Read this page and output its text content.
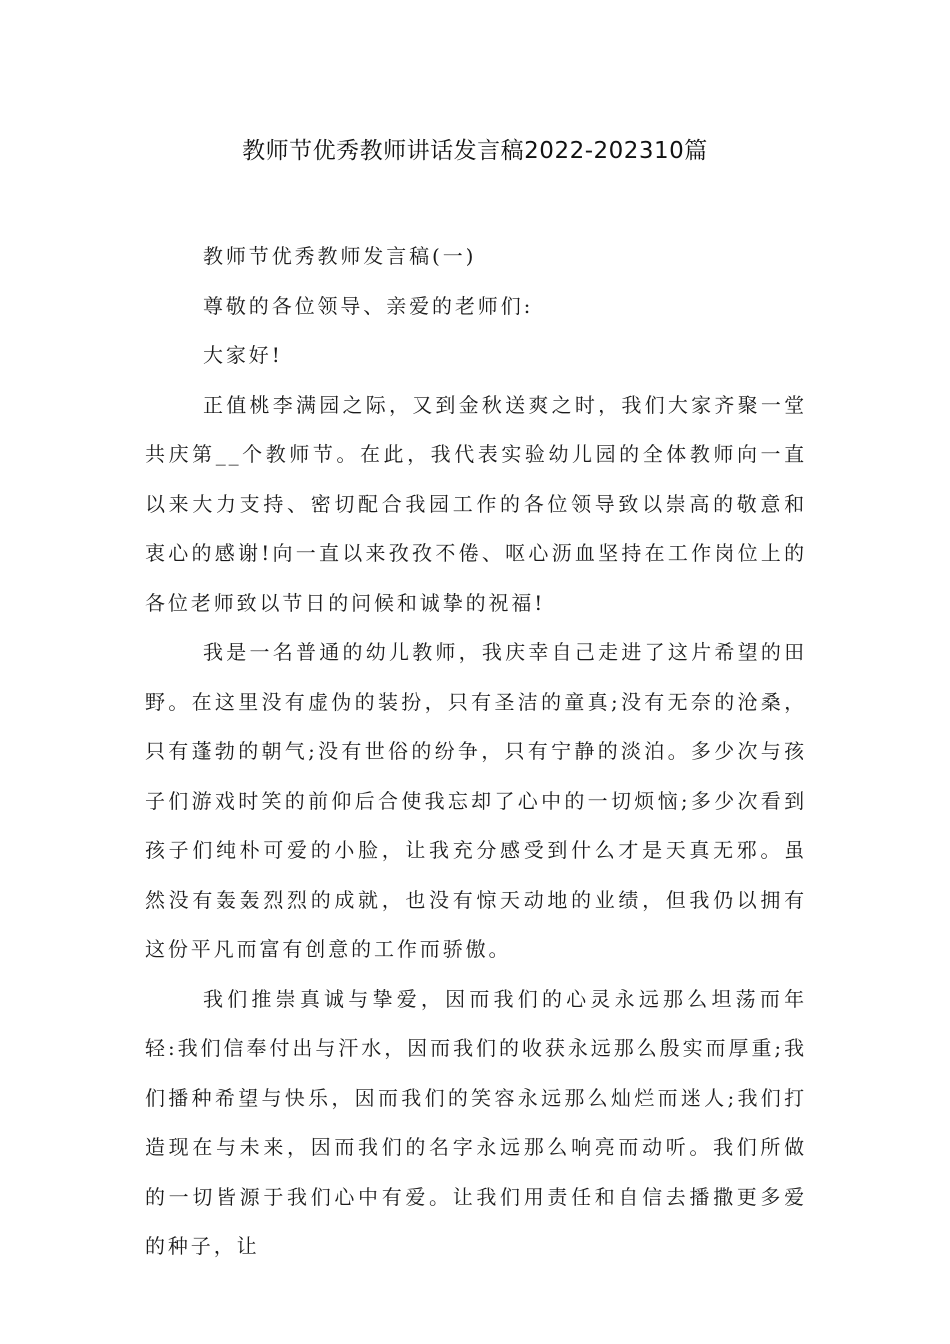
教师节优秀教师讲话发言稿2022-202310篇

教师节优秀教师发言稿(一)

尊敬的各位领导、亲爱的老师们:

大家好!

正值桃李满园之际，又到金秋送爽之时，我们大家齐聚一堂共庆第__个教师节。在此，我代表实验幼儿园的全体教师向一直以来大力支持、密切配合我园工作的各位领导致以崇高的敬意和衷心的感谢!向一直以来孜孜不倦、呕心沥血坚持在工作岗位上的各位老师致以节日的问候和诚挚的祝福!

我是一名普通的幼儿教师，我庆幸自己走进了这片希望的田野。在这里没有虚伪的装扮，只有圣洁的童真;没有无奈的沧桑，只有蓬勃的朝气;没有世俗的纷争，只有宁静的淡泊。多少次与孩子们游戏时笑的前仰后合使我忘却了心中的一切烦恼;多少次看到孩子们纯朴可爱的小脸，让我充分感受到什么才是天真无邪。虽然没有轰轰烈烈的成就，也没有惊天动地的业绩，但我仍以拥有这份平凡而富有创意的工作而骄傲。

我们推崇真诚与挚爱，因而我们的心灵永远那么坦荡而年轻:我们信奉付出与汗水，因而我们的收获永远那么殷实而厚重;我们播种希望与快乐，因而我们的笑容永远那么灿烂而迷人;我们打造现在与未来，因而我们的名字永远那么响亮而动听。我们所做的一切皆源于我们心中有爱。让我们用责任和自信去播撒更多爱的种子，让
